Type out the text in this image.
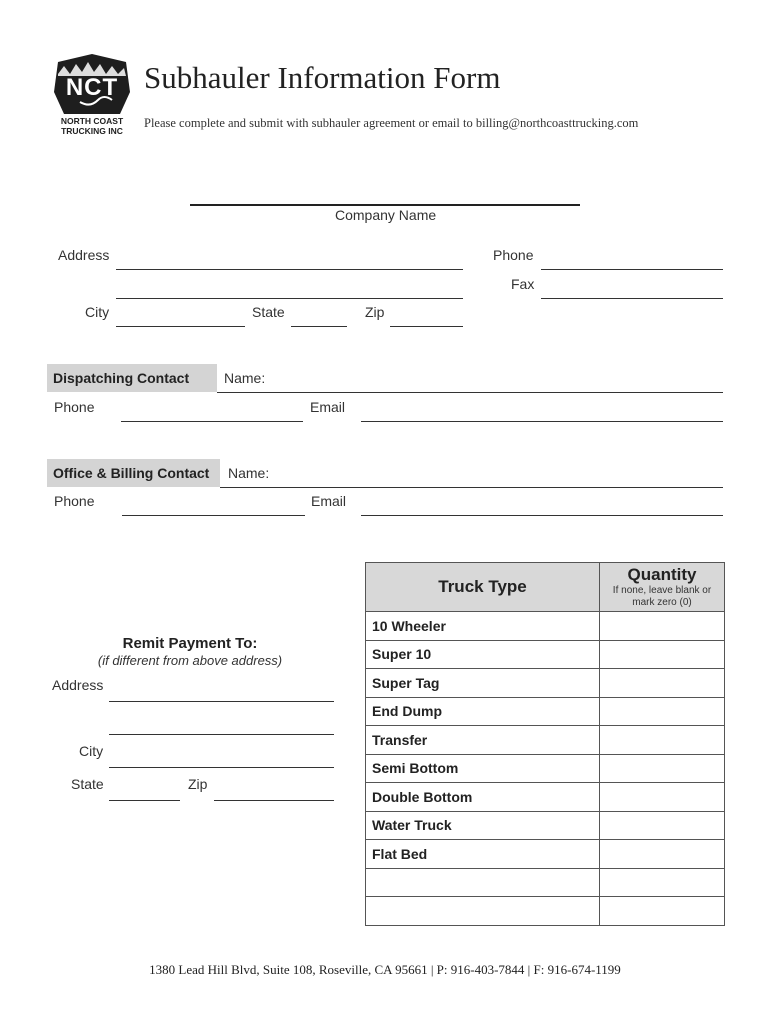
NCT
NORTH COAST
TRUCKING INC
Subhauler Information Form
Please complete and submit with subhauler agreement or email to billing@northcoasttrucking.com
Company Name
Address	Phone
Fax
City	State	Zip
Dispatching Contact	Name:
Phone	Email
Office & Billing Contact	Name:
Phone	Email
Remit Payment To:
(if different from above address)
Address
City
State	Zip
Truck Type	Quantity
If none, leave blank or mark zero (0)

10 Wheeler	
Super 10	
Super Tag	
End Dump	
Transfer	
Semi Bottom	
Double Bottom	
Water Truck	
Flat Bed	

1380 Lead Hill Blvd, Suite 108, Roseville, CA 95661 | P: 916-403-7844 | F: 916-674-1199
